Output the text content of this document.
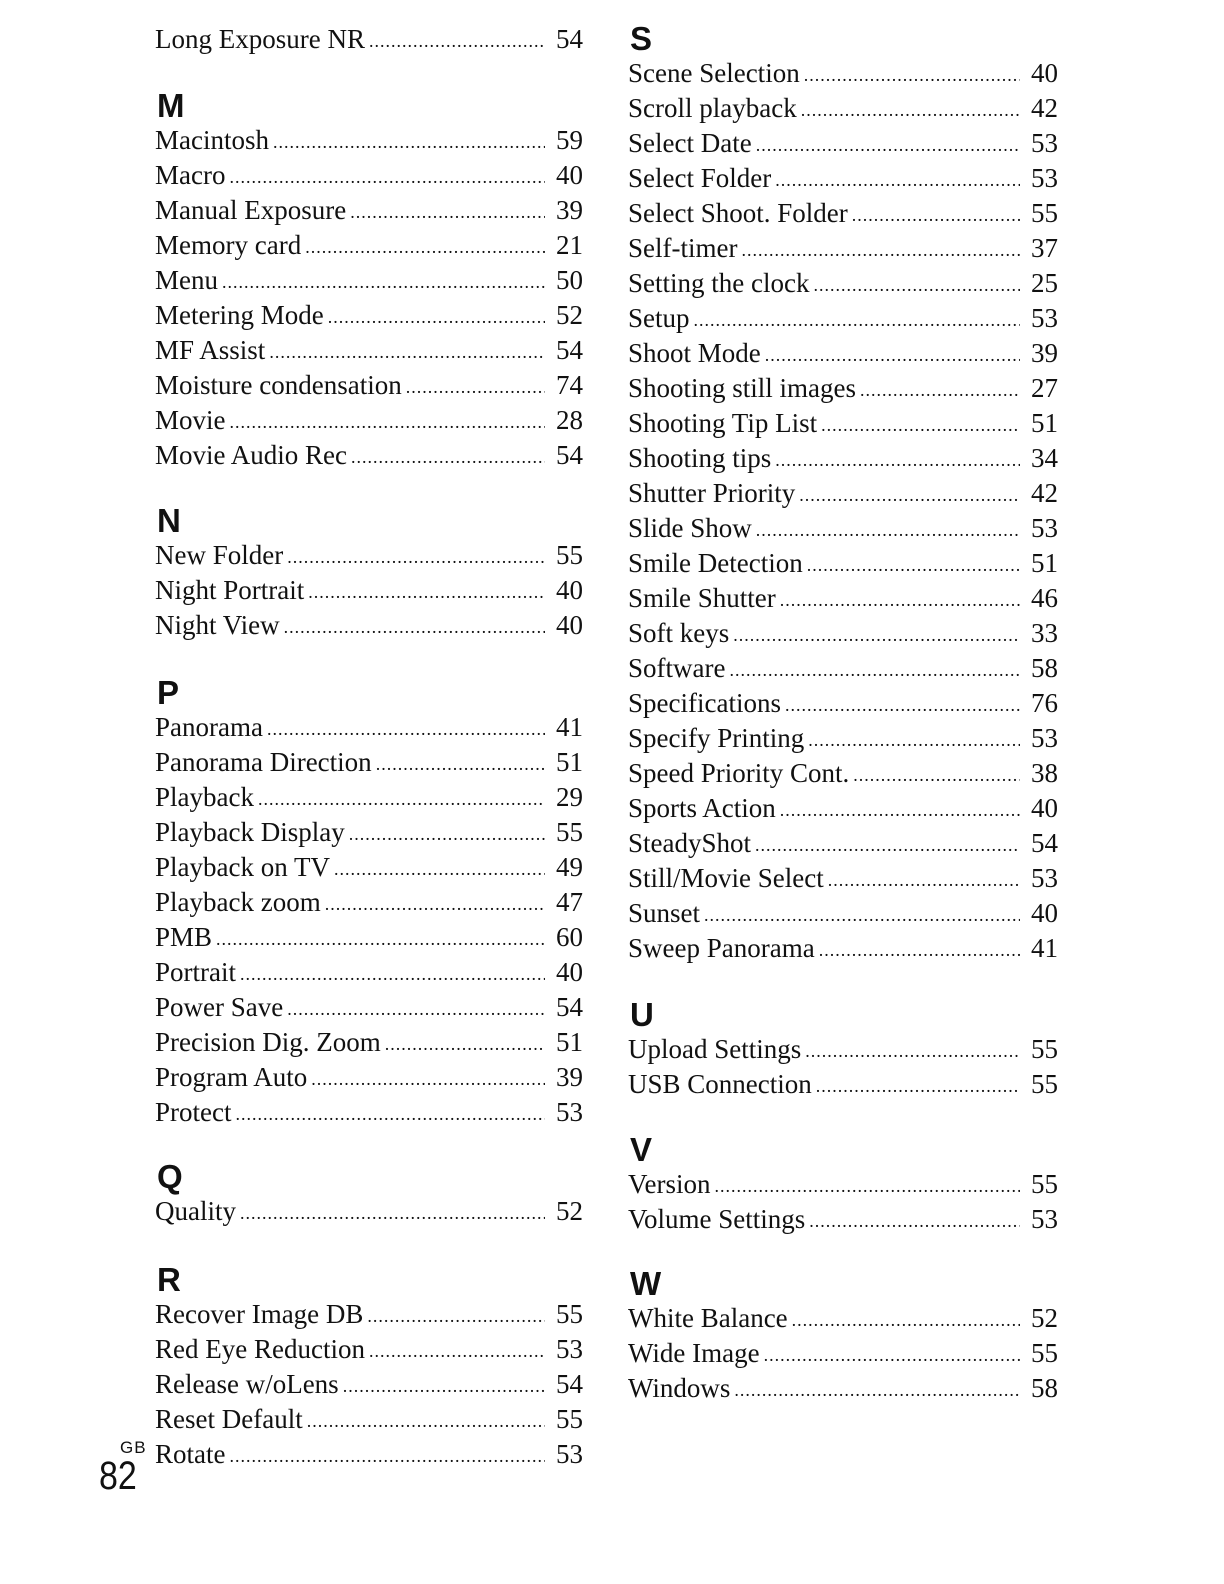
Long Exposure NR .....	54
M
Macintosh .....	59
Macro .....	40
Manual Exposure .....	39
Memory card .....	21
Menu .....	50
Metering Mode .....	52
MF Assist .....	54
Moisture condensation .....	74
Movie .....	28
Movie Audio Rec .....	54
N
New Folder .....	55
Night Portrait .....	40
Night View .....	40
P
Panorama .....	41
Panorama Direction .....	51
Playback .....	29
Playback Display .....	55
Playback on TV .....	49
Playback zoom .....	47
PMB .....	60
Portrait .....	40
Power Save .....	54
Precision Dig. Zoom .....	51
Program Auto .....	39
Protect .....	53
Q
Quality .....	52
R
Recover Image DB .....	55
Red Eye Reduction .....	53
Release w/oLens .....	54
Reset Default .....	55
Rotate .....	53
S
Scene Selection .....	40
Scroll playback .....	42
Select Date .....	53
Select Folder .....	53
Select Shoot. Folder .....	55
Self-timer .....	37
Setting the clock .....	25
Setup .....	53
Shoot Mode .....	39
Shooting still images .....	27
Shooting Tip List .....	51
Shooting tips .....	34
Shutter Priority .....	42
Slide Show .....	53
Smile Detection .....	51
Smile Shutter .....	46
Soft keys .....	33
Software .....	58
Specifications .....	76
Specify Printing .....	53
Speed Priority Cont. .....	38
Sports Action .....	40
SteadyShot .....	54
Still/Movie Select .....	53
Sunset .....	40
Sweep Panorama .....	41
U
Upload Settings .....	55
USB Connection .....	55
V
Version .....	55
Volume Settings .....	53
W
White Balance .....	52
Wide Image .....	55
Windows .....	58
GB
82
